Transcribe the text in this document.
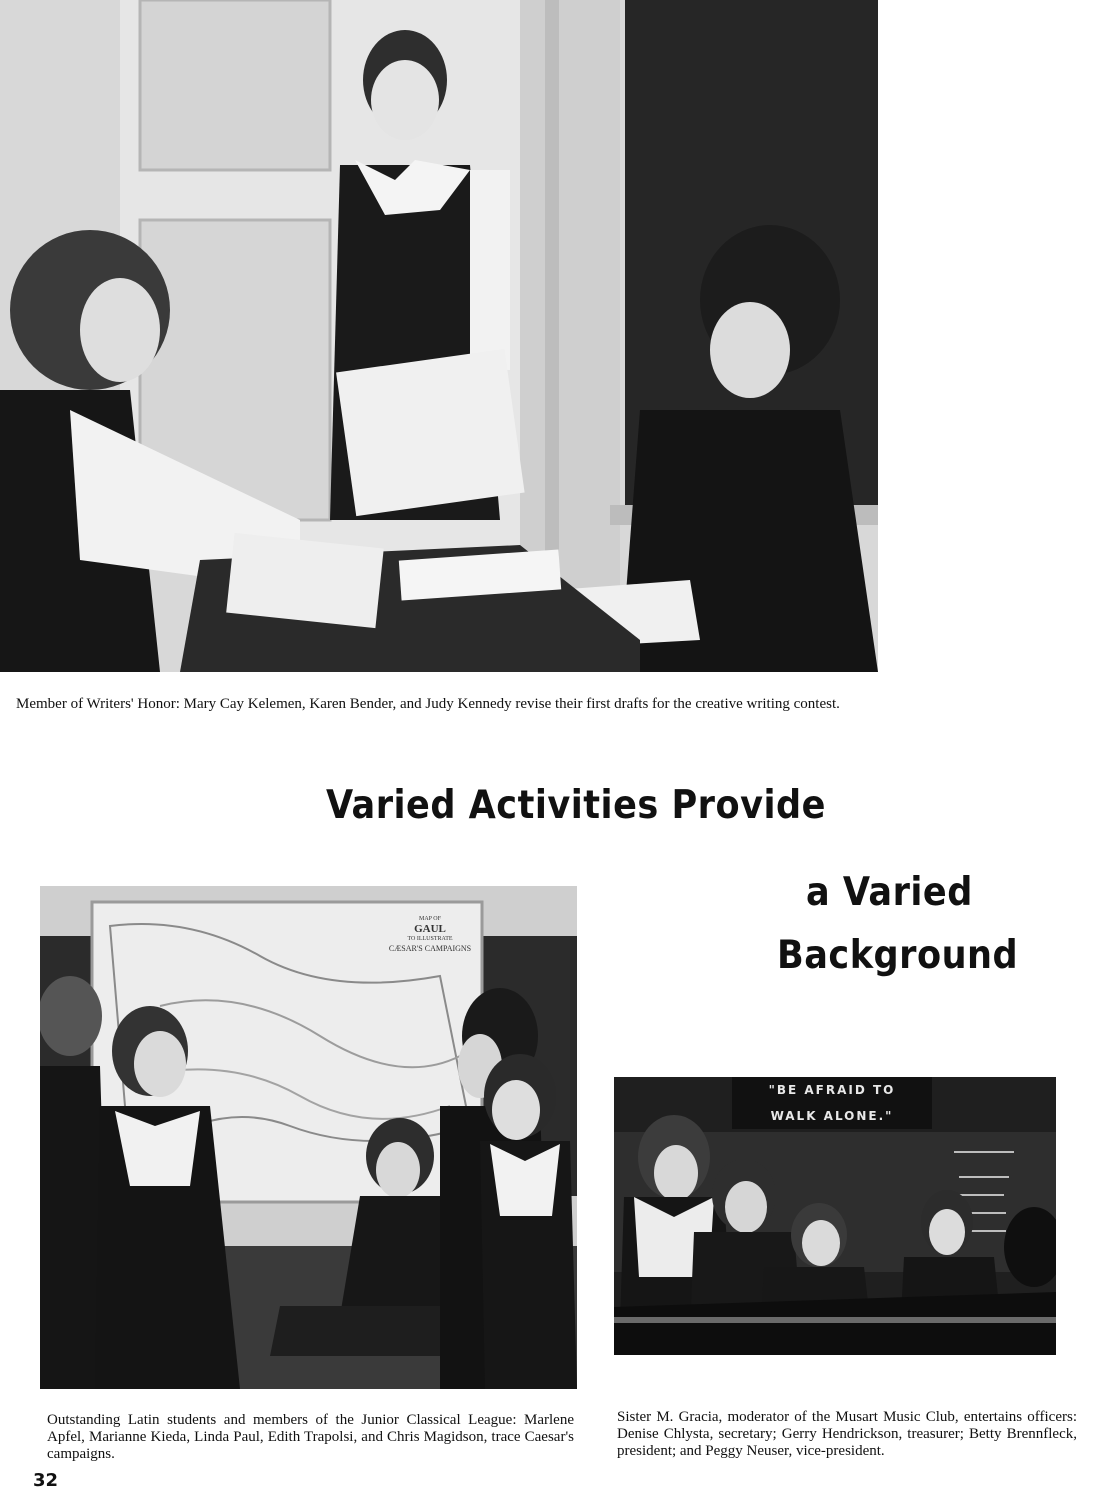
Member of Writers' Honor: Mary Cay Kelemen, Karen Bender, and Judy Kennedy revise their first drafts for the creative writing contest.
Varied Activities Provide
a Varied
Background
MAP OF
GAUL
TO ILLUSTRATE
CÆSAR'S CAMPAIGNS
Outstanding Latin students and members of the Junior Classical League: Marlene Apfel, Marianne Kieda, Linda Paul, Edith Trapolsi, and Chris Magidson, trace Caesar's campaigns.
"BE AFRAID TO
WALK ALONE."
Sister M. Gracia, moderator of the Musart Music Club, entertains officers: Denise Chlysta, secretary; Gerry Hendrickson, treasurer; Betty Brennfleck, president; and Peggy Neuser, vice-president.
32
